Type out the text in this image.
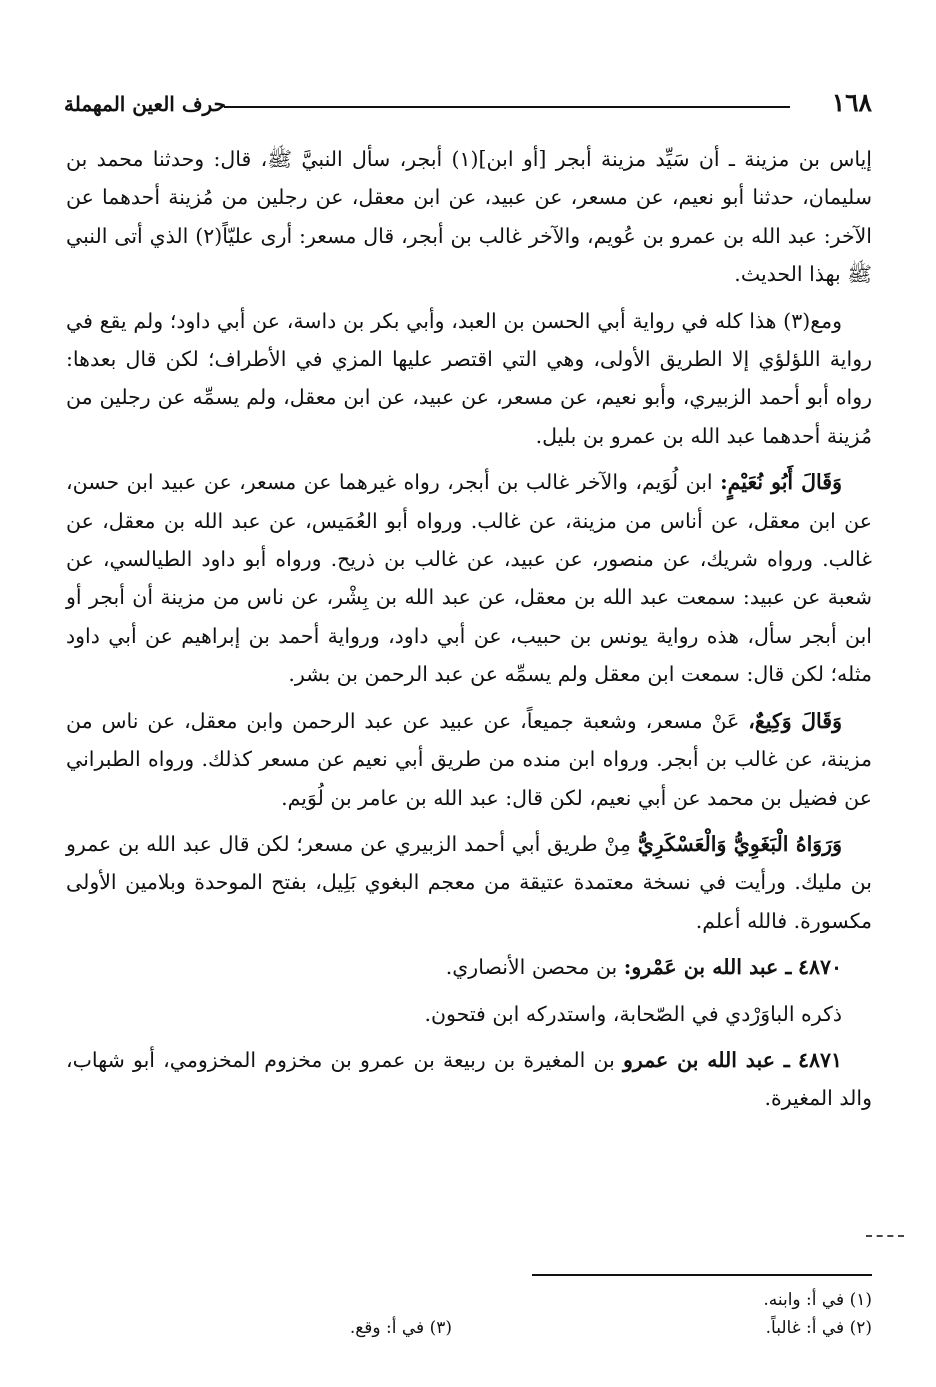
١٦٨
حرف العين المهملة

إياس بن مزينة ـ أن سَيِّد مزينة أبجر [أو ابن](١) أبجر، سأل النبيَّ ﷺ، قال: وحدثنا محمد بن سليمان، حدثنا أبو نعيم، عن مسعر، عن عبيد، عن ابن معقل، عن رجلين من مُزينة أحدهما عن الآخر: عبد الله بن عمرو بن عُويم، والآخر غالب بن أبجر، قال مسعر: أرى عليّاً(٢) الذي أتى النبي ﷺ بهذا الحديث.

ومع(٣) هذا كله في رواية أبي الحسن بن العبد، وأبي بكر بن داسة، عن أبي داود؛ ولم يقع في رواية اللؤلؤي إلا الطريق الأولى، وهي التي اقتصر عليها المزي في الأطراف؛ لكن قال بعدها: رواه أبو أحمد الزبيري، وأبو نعيم، عن مسعر، عن عبيد، عن ابن معقل، ولم يسمِّه عن رجلين من مُزينة أحدهما عبد الله بن عمرو بن بليل.

وَقَالَ أَبُو نُعَيْمٍ: ابن لُوَيم، والآخر غالب بن أبجر، رواه غيرهما عن مسعر، عن عبيد ابن حسن، عن ابن معقل، عن أناس من مزينة، عن غالب. ورواه أبو العُمَيس، عن عبد الله بن معقل، عن غالب. ورواه شريك، عن منصور، عن عبيد، عن غالب بن ذريح. ورواه أبو داود الطيالسي، عن شعبة عن عبيد: سمعت عبد الله بن معقل، عن عبد الله بن بِشْر، عن ناس من مزينة أن أبجر أو ابن أبجر سأل، هذه رواية يونس بن حبيب، عن أبي داود، ورواية أحمد بن إبراهيم عن أبي داود مثله؛ لكن قال: سمعت ابن معقل ولم يسمِّه عن عبد الرحمن بن بشر.

وَقَالَ وَكِيعٌ، عَنْ مسعر، وشعبة جميعاً، عن عبيد عن عبد الرحمن وابن معقل، عن ناس من مزينة، عن غالب بن أبجر. ورواه ابن منده من طريق أبي نعيم عن مسعر كذلك. ورواه الطبراني عن فضيل بن محمد عن أبي نعيم، لكن قال: عبد الله بن عامر بن لُوَيم.

وَرَوَاهُ الْبَغَوِيُّ وَالْعَسْكَرِيُّ مِنْ طريق أبي أحمد الزبيري عن مسعر؛ لكن قال عبد الله بن عمرو بن مليك. ورأيت في نسخة معتمدة عتيقة من معجم البغوي بَلِيل، بفتح الموحدة وبلامين الأولى مكسورة. فالله أعلم.

٤٨٧٠ ـ عبد الله بن عَمْرو: بن محصن الأنصاري.

ذكره الباوَرْدي في الصّحابة، واستدركه ابن فتحون.

٤٨٧١ ـ عبد الله بن عمرو بن المغيرة بن ربيعة بن عمرو بن مخزوم المخزومي، أبو شهاب، والد المغيرة.

(١) في أ: وابنه.
(٢) في أ: غالباً.
(٣) في أ: وقع.
